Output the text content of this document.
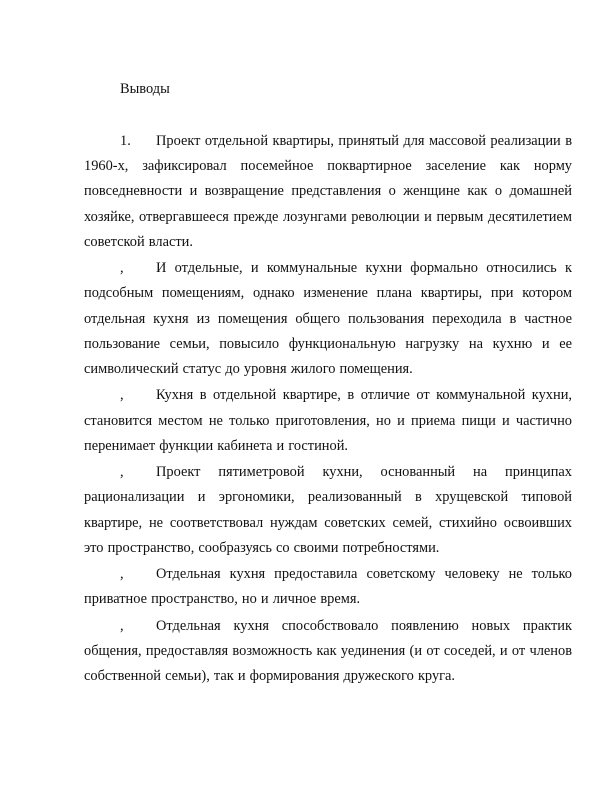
Выводы

1. Проект отдельной квартиры, принятый для массовой реализации в 1960-х, зафиксировал посемейное поквартирное заселение как норму повседневности и возвращение представления о женщине как о домашней хозяйке, отвергавшееся прежде лозунгами революции и первым десятилетием советской власти.

, И отдельные, и коммунальные кухни формально относились к подсобным помещениям, однако изменение плана квартиры, при котором отдельная кухня из помещения общего пользования переходила в частное пользование семьи, повысило функциональную нагрузку на кухню и ее символический статус до уровня жилого помещения.

, Кухня в отдельной квартире, в отличие от коммунальной кухни, становится местом не только приготовления, но и приема пищи и частично перенимает функции кабинета и гостиной.

, Проект пятиметровой кухни, основанный на принципах рационализации и эргономики, реализованный в хрущевской типовой квартире, не соответствовал нуждам советских семей, стихийно освоивших это пространство, сообразуясь со своими потребностями.

, Отдельная кухня предоставила советскому человеку не только приватное пространство, но и личное время.

, Отдельная кухня способствовало появлению новых практик общения, предоставляя возможность как уединения (и от соседей, и от членов собственной семьи), так и формирования дружеского круга.
